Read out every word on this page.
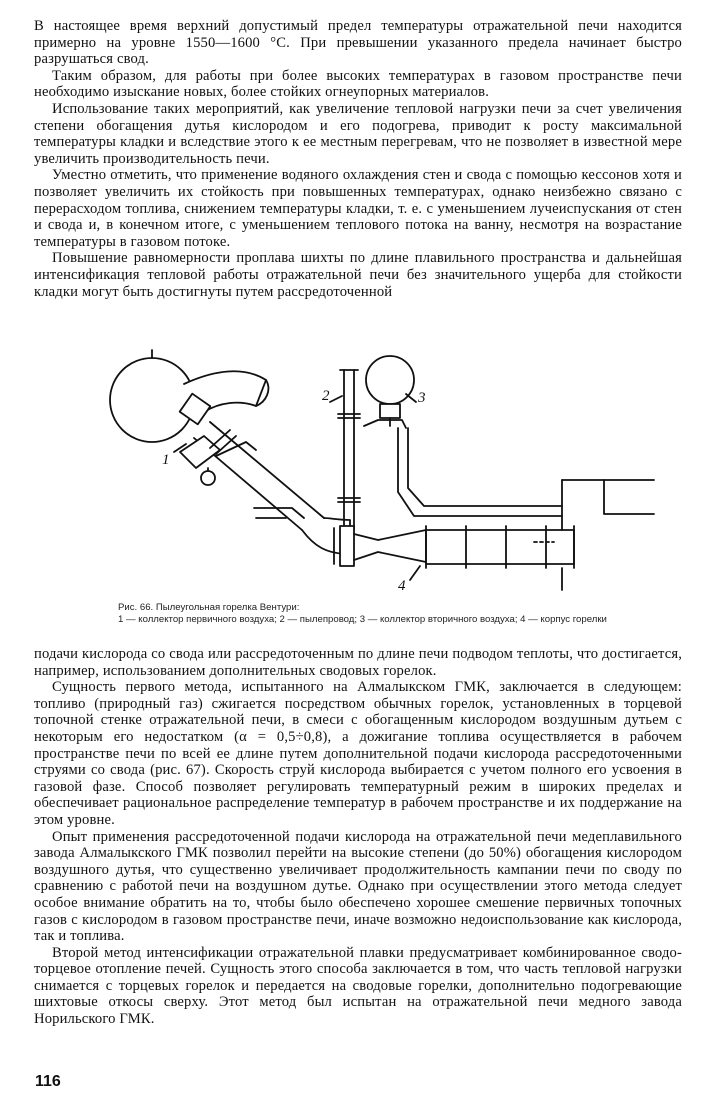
В настоящее время верхний допустимый предел температуры отражательной печи находится примерно на уровне 1550—1600 °С. При превышении указанного предела начинает быстро разрушаться свод.

Таким образом, для работы при более высоких температурах в газовом пространстве печи необходимо изыскание новых, более стойких огнеупорных материалов.

Использование таких мероприятий, как увеличение тепловой нагрузки печи за счет увеличения степени обогащения дутья кислородом и его подогрева, приводит к росту максимальной температуры кладки и вследствие этого к ее местным перегревам, что не позволяет в известной мере увеличить производительность печи.

Уместно отметить, что применение водяного охлаждения стен и свода с помощью кессонов хотя и позволяет увеличить их стойкость при повышенных температурах, однако неизбежно связано с перерасходом топлива, снижением температуры кладки, т. е. с уменьшением лучеиспускания от стен и свода и, в конечном итоге, с уменьшением теплового потока на ванну, несмотря на возрастание температуры в газовом потоке.

Повышение равномерности проплава шихты по длине плавильного пространства и дальнейшая интенсификация тепловой работы отражательной печи без значительного ущерба для стойкости кладки могут быть достигнуты путем рассредоточенной

1
2	3
4
Рис. 66. Пылеугольная горелка Вентури:
1 — коллектор первичного воздуха; 2 — пылепровод; 3 — коллектор вторичного воздуха; 4 — корпус горелки

подачи кислорода со свода или рассредоточенным по длине печи подводом теплоты, что достигается, например, использованием дополнительных сводовых горелок.

Сущность первого метода, испытанного на Алмалыкском ГМК, заключается в следующем: топливо (природный газ) сжигается посредством обычных горелок, установленных в торцевой топочной стенке отражательной печи, в смеси с обогащенным кислородом воздушным дутьем с некоторым его недостатком (α = 0,5÷0,8), а дожигание топлива осуществляется в рабочем пространстве печи по всей ее длине путем дополнительной подачи кислорода рассредоточенными струями со свода (рис. 67). Скорость струй кислорода выбирается с учетом полного его усвоения в газовой фазе. Способ позволяет регулировать температурный режим в широких пределах и обеспечивает рациональное распределение температур в рабочем пространстве и их поддержание на этом уровне.

Опыт применения рассредоточенной подачи кислорода на отражательной печи медеплавильного завода Алмалыкского ГМК позволил перейти на высокие степени (до 50%) обогащения кислородом воздушного дутья, что существенно увеличивает продолжительность кампании печи по своду по сравнению с работой печи на воздушном дутье. Однако при осуществлении этого метода следует особое внимание обратить на то, чтобы было обеспечено хорошее смешение первичных топочных газов с кислородом в газовом пространстве печи, иначе возможно недоиспользование как кислорода, так и топлива.

Второй метод интенсификации отражательной плавки предусматривает комбинированное сводо-торцевое отопление печей. Сущность этого способа заключается в том, что часть тепловой нагрузки снимается с торцевых горелок и передается на сводовые горелки, дополнительно подогревающие шихтовые откосы сверху. Этот метод был испытан на отражательной печи медного завода Норильского ГМК.

116
